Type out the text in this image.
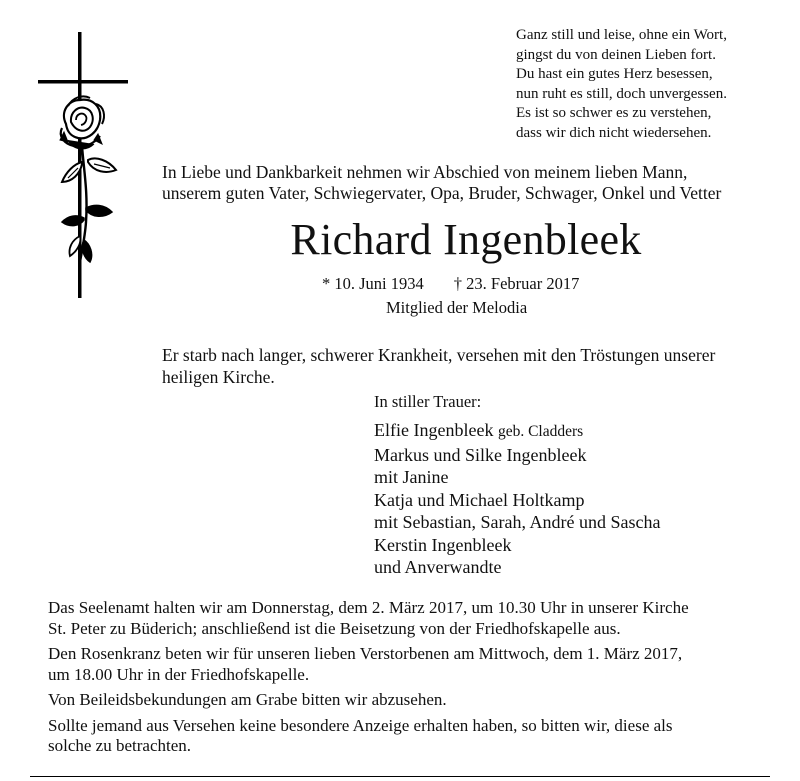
Ganz still und leise, ohne ein Wort,
gingst du von deinen Lieben fort.
Du hast ein gutes Herz besessen,
nun ruht es still, doch unvergessen.
Es ist so schwer es zu verstehen,
dass wir dich nicht wiedersehen.
In Liebe und Dankbarkeit nehmen wir Abschied von meinem lieben Mann,
unserem guten Vater, Schwiegervater, Opa, Bruder, Schwager, Onkel und Vetter
Richard Ingenbleek
* 10. Juni 1934 † 23. Februar 2017
Mitglied der Melodia
Er starb nach langer, schwerer Krankheit, versehen mit den Tröstungen unserer
heiligen Kirche.
In stiller Trauer:
Elfie Ingenbleek geb. Cladders
Markus und Silke Ingenbleek
mit Janine
Katja und Michael Holtkamp
mit Sebastian, Sarah, André und Sascha
Kerstin Ingenbleek
und Anverwandte
Das Seelenamt halten wir am Donnerstag, dem 2. März 2017, um 10.30 Uhr in unserer Kirche
St. Peter zu Büderich; anschließend ist die Beisetzung von der Friedhofskapelle aus.
Den Rosenkranz beten wir für unseren lieben Verstorbenen am Mittwoch, dem 1. März 2017,
um 18.00 Uhr in der Friedhofskapelle.
Von Beileidsbekundungen am Grabe bitten wir abzusehen.
Sollte jemand aus Versehen keine besondere Anzeige erhalten haben, so bitten wir, diese als
solche zu betrachten.
